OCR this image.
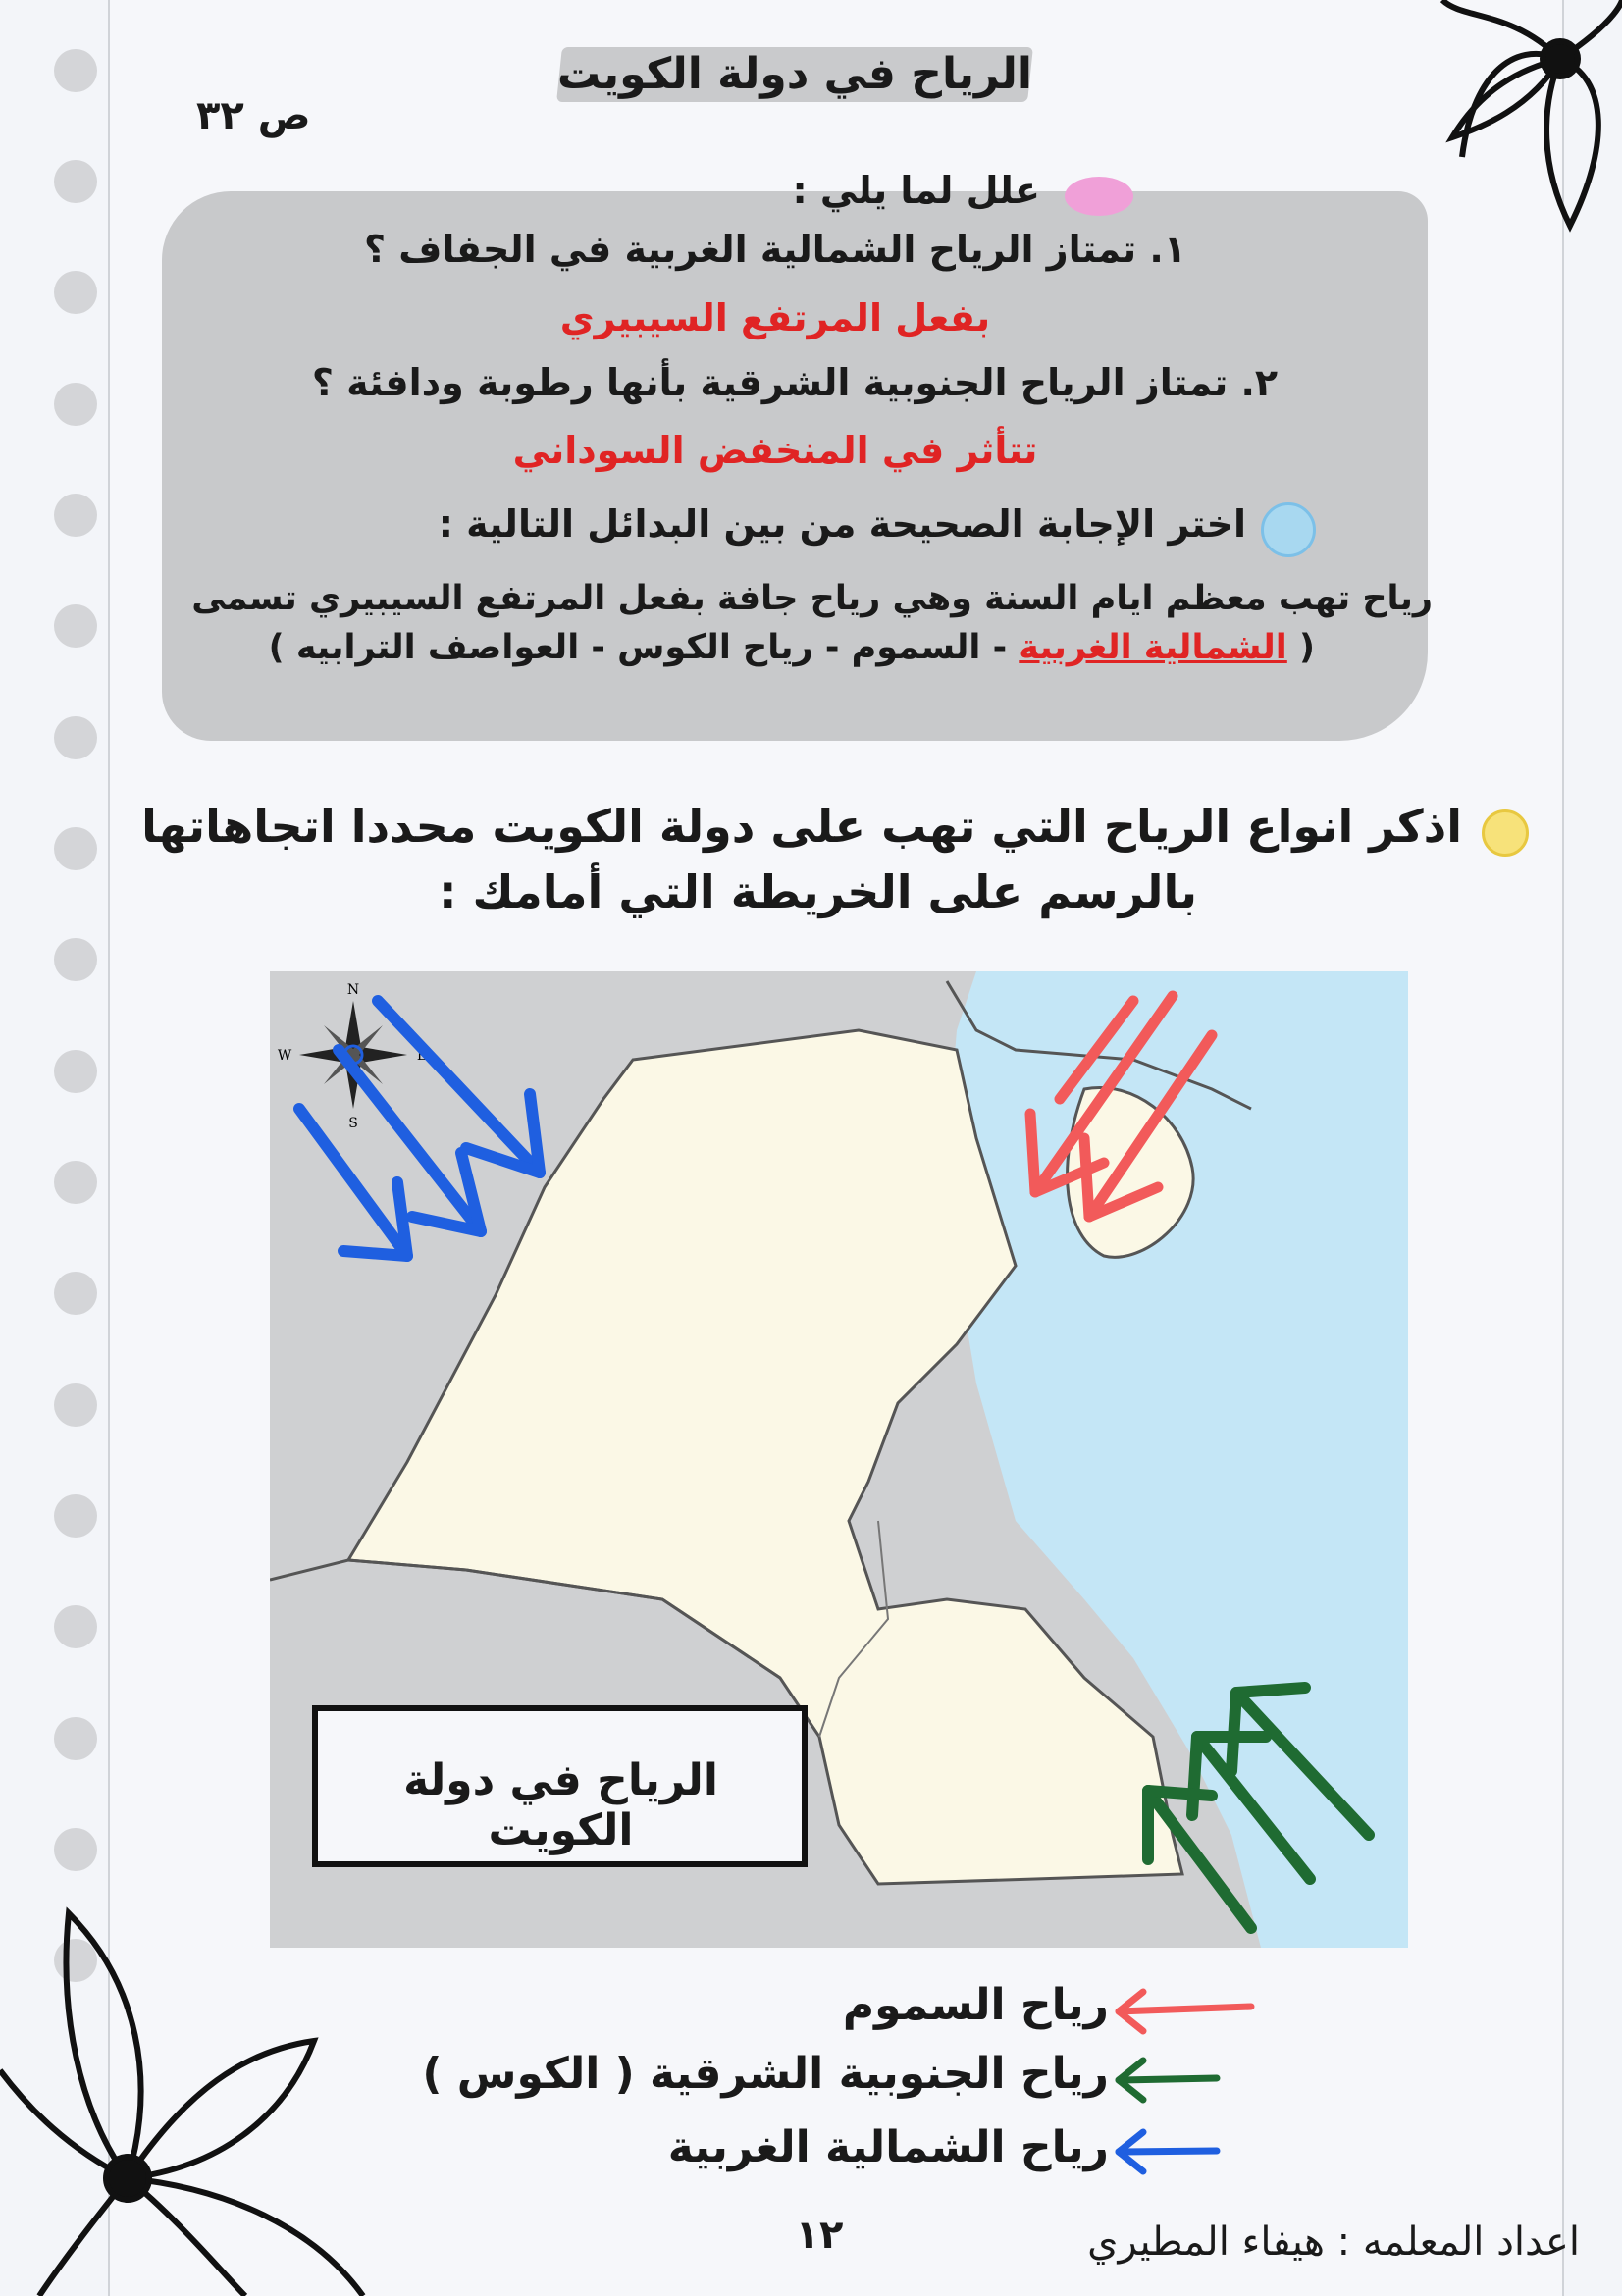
الرياح في دولة الكويت
ص ٣٢
علل لما يلي :
١. تمتاز الرياح الشمالية الغربية في الجفاف ؟
بفعل المرتفع السيبيري
٢. تمتاز الرياح الجنوبية الشرقية بأنها رطوبة ودافئة ؟
تتأثر في المنخفض السوداني
اختر الإجابة الصحيحة من بين البدائل التالية :
رياح تهب معظم ايام السنة وهي رياح جافة بفعل المرتفع السيبيري تسمى
( الشمالية الغربية - السموم - رياح الكوس - العواصف الترابيه )
اذكر انواع الرياح التي تهب على دولة الكويت محددا اتجاهاتها
بالرسم على الخريطة التي أمامك :
N
S
E
W
الرياح في دولة الكويت
رياح السموم
رياح الجنوبية الشرقية ( الكوس )
رياح الشمالية الغربية
١٢	اعداد المعلمه : هيفاء المطيري
